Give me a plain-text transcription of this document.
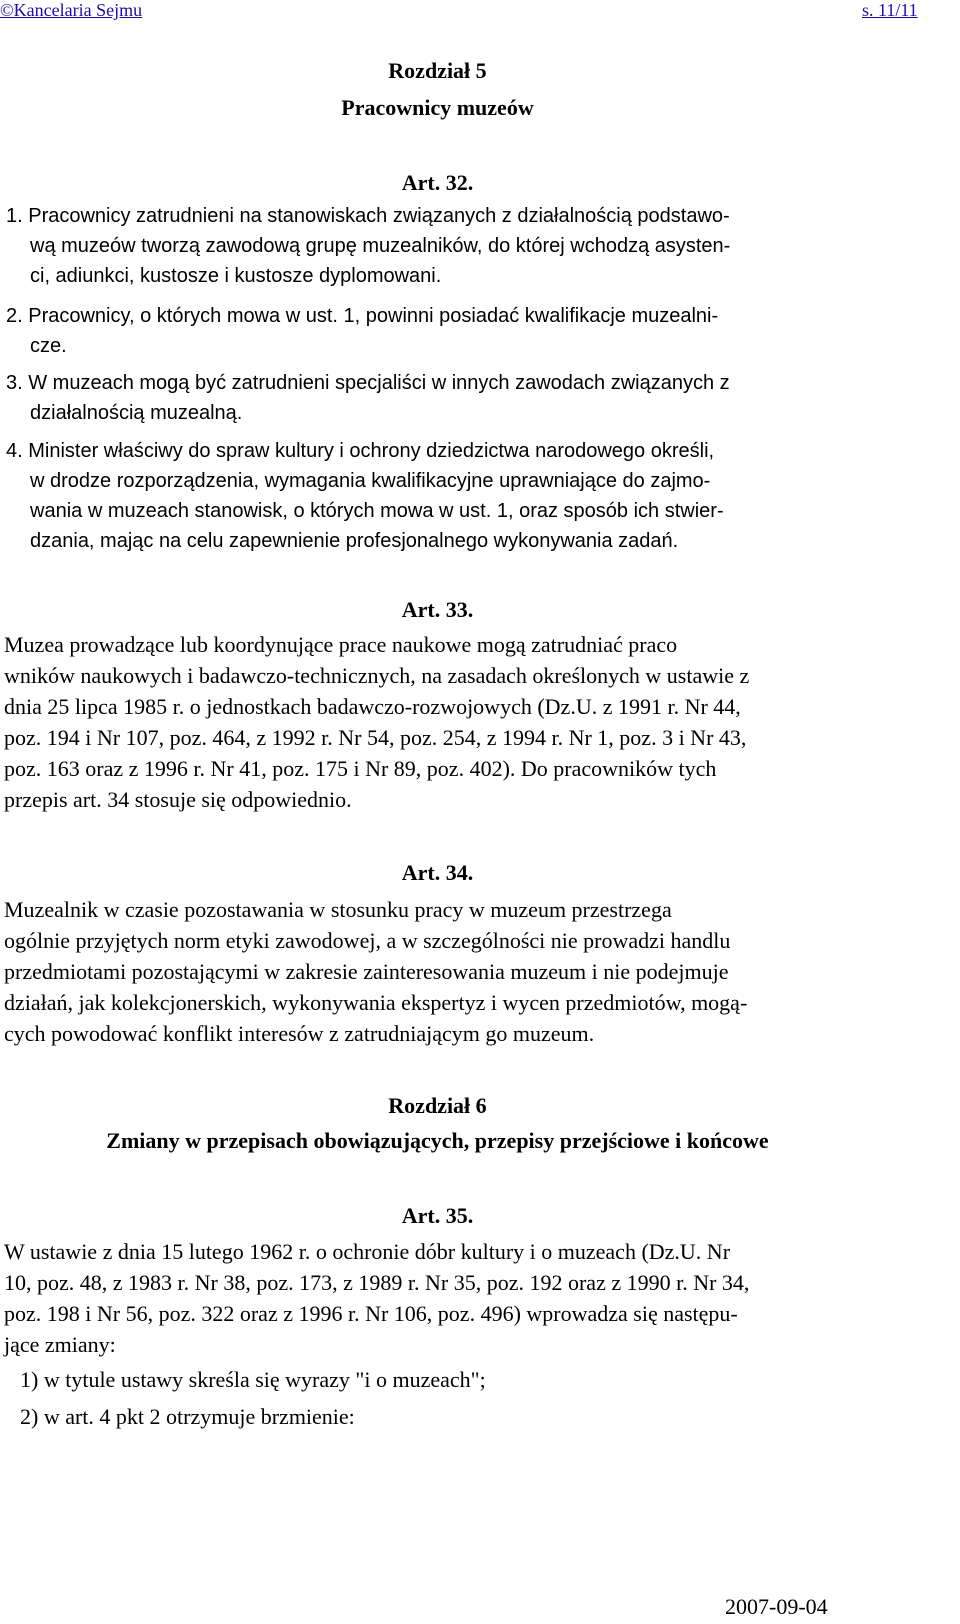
©Kancelaria Sejmu	s. 11/11
Rozdział 5
Pracownicy muzeów
Art. 32.
1. Pracownicy zatrudnieni na stanowiskach związanych z działalnością podstawo-
wą muzeów tworzą zawodową grupę muzealników, do której wchodzą asysten-
ci, adiunkci, kustosze i kustosze dyplomowani.
2. Pracownicy, o których mowa w ust. 1, powinni posiadać kwalifikacje muzealni-
cze.
3. W muzeach mogą być zatrudnieni specjaliści w innych zawodach związanych z
działalnością muzealną.
4. Minister właściwy do spraw kultury i ochrony dziedzictwa narodowego określi,
w drodze rozporządzenia, wymagania kwalifikacyjne uprawniające do zajmo-
wania w muzeach stanowisk, o których mowa w ust. 1, oraz sposób ich stwier-
dzania, mając na celu zapewnienie profesjonalnego wykonywania zadań.
Art. 33.
Muzea prowadzące lub koordynujące prace naukowe mogą zatrudniać praco
wników naukowych i badawczo-technicznych, na zasadach określonych w ustawie z
dnia 25 lipca 1985 r. o jednostkach badawczo-rozwojowych (Dz.U. z 1991 r. Nr 44,
poz. 194 i Nr 107, poz. 464, z 1992 r. Nr 54, poz. 254, z 1994 r. Nr 1, poz. 3 i Nr 43,
poz. 163 oraz z 1996 r. Nr 41, poz. 175 i Nr 89, poz. 402). Do pracowników tych
przepis art. 34 stosuje się odpowiednio.
Art. 34.
Muzealnik w czasie pozostawania w stosunku pracy w muzeum przestrzega
ogólnie przyjętych norm etyki zawodowej, a w szczególności nie prowadzi handlu
przedmiotami pozostającymi w zakresie zainteresowania muzeum i nie podejmuje
działań, jak kolekcjonerskich, wykonywania ekspertyz i wycen przedmiotów, mogą-
cych powodować konflikt interesów z zatrudniającym go muzeum.
Rozdział 6
Zmiany w przepisach obowiązujących, przepisy przejściowe i końcowe
Art. 35.
W ustawie z dnia 15 lutego 1962 r. o ochronie dóbr kultury i o muzeach (Dz.U. Nr
10, poz. 48, z 1983 r. Nr 38, poz. 173, z 1989 r. Nr 35, poz. 192 oraz z 1990 r. Nr 34,
poz. 198 i Nr 56, poz. 322 oraz z 1996 r. Nr 106, poz. 496) wprowadza się następu-
jące zmiany:
1) w tytule ustawy skreśla się wyrazy "i o muzeach";
2) w art. 4 pkt 2 otrzymuje brzmienie:
2007-09-04
